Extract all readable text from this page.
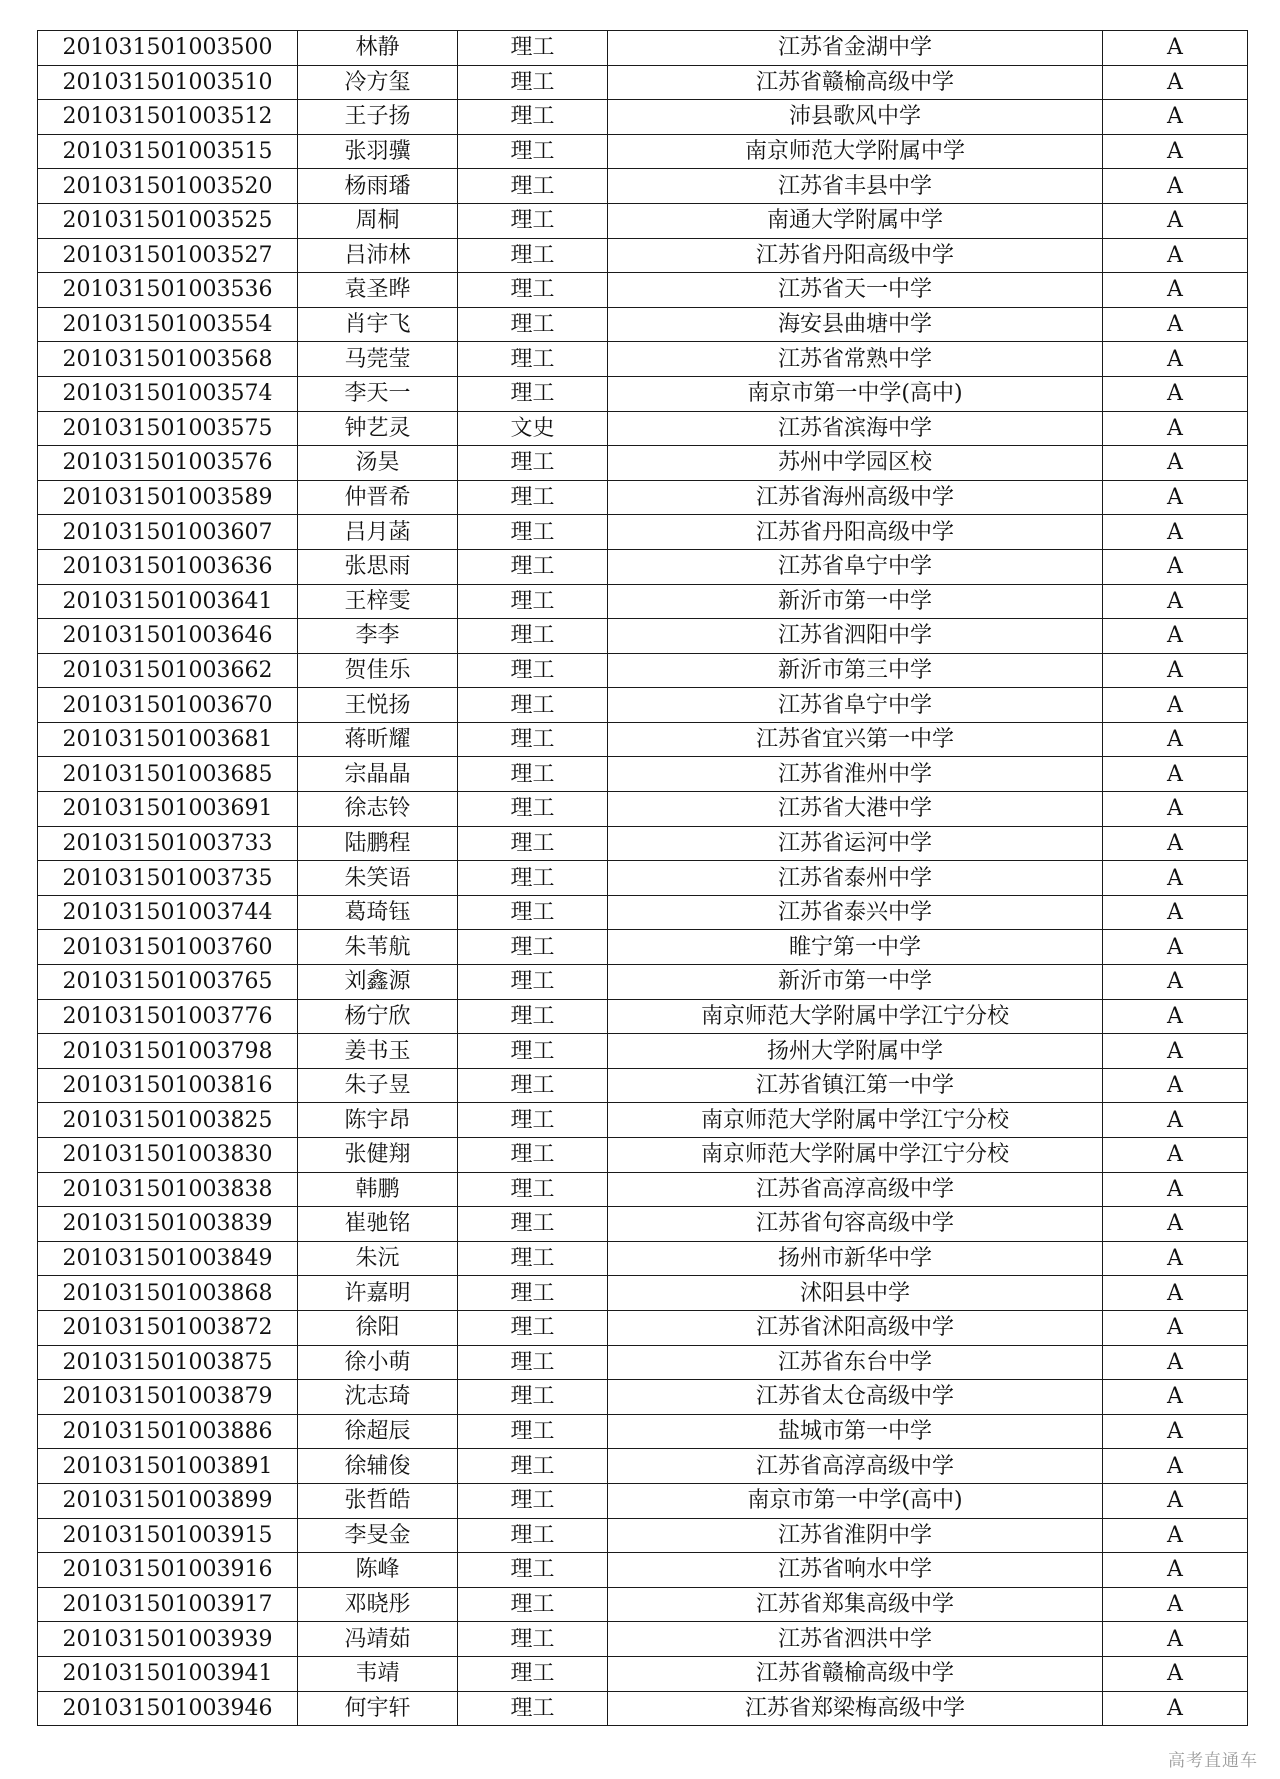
201031501003500	林静	理工	江苏省金湖中学	A
201031501003510	冷方玺	理工	江苏省赣榆高级中学	A
201031501003512	王子扬	理工	沛县歌风中学	A
201031501003515	张羽骥	理工	南京师范大学附属中学	A
201031501003520	杨雨璠	理工	江苏省丰县中学	A
201031501003525	周桐	理工	南通大学附属中学	A
201031501003527	吕沛林	理工	江苏省丹阳高级中学	A
201031501003536	袁圣晔	理工	江苏省天一中学	A
201031501003554	肖宇飞	理工	海安县曲塘中学	A
201031501003568	马莞莹	理工	江苏省常熟中学	A
201031501003574	李天一	理工	南京市第一中学(高中)	A
201031501003575	钟艺灵	文史	江苏省滨海中学	A
201031501003576	汤昊	理工	苏州中学园区校	A
201031501003589	仲晋希	理工	江苏省海州高级中学	A
201031501003607	吕月菡	理工	江苏省丹阳高级中学	A
201031501003636	张思雨	理工	江苏省阜宁中学	A
201031501003641	王梓雯	理工	新沂市第一中学	A
201031501003646	李李	理工	江苏省泗阳中学	A
201031501003662	贺佳乐	理工	新沂市第三中学	A
201031501003670	王悦扬	理工	江苏省阜宁中学	A
201031501003681	蒋昕耀	理工	江苏省宜兴第一中学	A
201031501003685	宗晶晶	理工	江苏省淮州中学	A
201031501003691	徐志铃	理工	江苏省大港中学	A
201031501003733	陆鹏程	理工	江苏省运河中学	A
201031501003735	朱笑语	理工	江苏省泰州中学	A
201031501003744	葛琦钰	理工	江苏省泰兴中学	A
201031501003760	朱苇航	理工	睢宁第一中学	A
201031501003765	刘鑫源	理工	新沂市第一中学	A
201031501003776	杨宁欣	理工	南京师范大学附属中学江宁分校	A
201031501003798	姜书玉	理工	扬州大学附属中学	A
201031501003816	朱子昱	理工	江苏省镇江第一中学	A
201031501003825	陈宇昂	理工	南京师范大学附属中学江宁分校	A
201031501003830	张健翔	理工	南京师范大学附属中学江宁分校	A
201031501003838	韩鹏	理工	江苏省高淳高级中学	A
201031501003839	崔驰铭	理工	江苏省句容高级中学	A
201031501003849	朱沅	理工	扬州市新华中学	A
201031501003868	许嘉明	理工	沭阳县中学	A
201031501003872	徐阳	理工	江苏省沭阳高级中学	A
201031501003875	徐小萌	理工	江苏省东台中学	A
201031501003879	沈志琦	理工	江苏省太仓高级中学	A
201031501003886	徐超辰	理工	盐城市第一中学	A
201031501003891	徐辅俊	理工	江苏省高淳高级中学	A
201031501003899	张哲皓	理工	南京市第一中学(高中)	A
201031501003915	李旻金	理工	江苏省淮阴中学	A
201031501003916	陈峰	理工	江苏省响水中学	A
201031501003917	邓晓彤	理工	江苏省郑集高级中学	A
201031501003939	冯靖茹	理工	江苏省泗洪中学	A
201031501003941	韦靖	理工	江苏省赣榆高级中学	A
201031501003946	何宇轩	理工	江苏省郑梁梅高级中学	A
高考直通车
